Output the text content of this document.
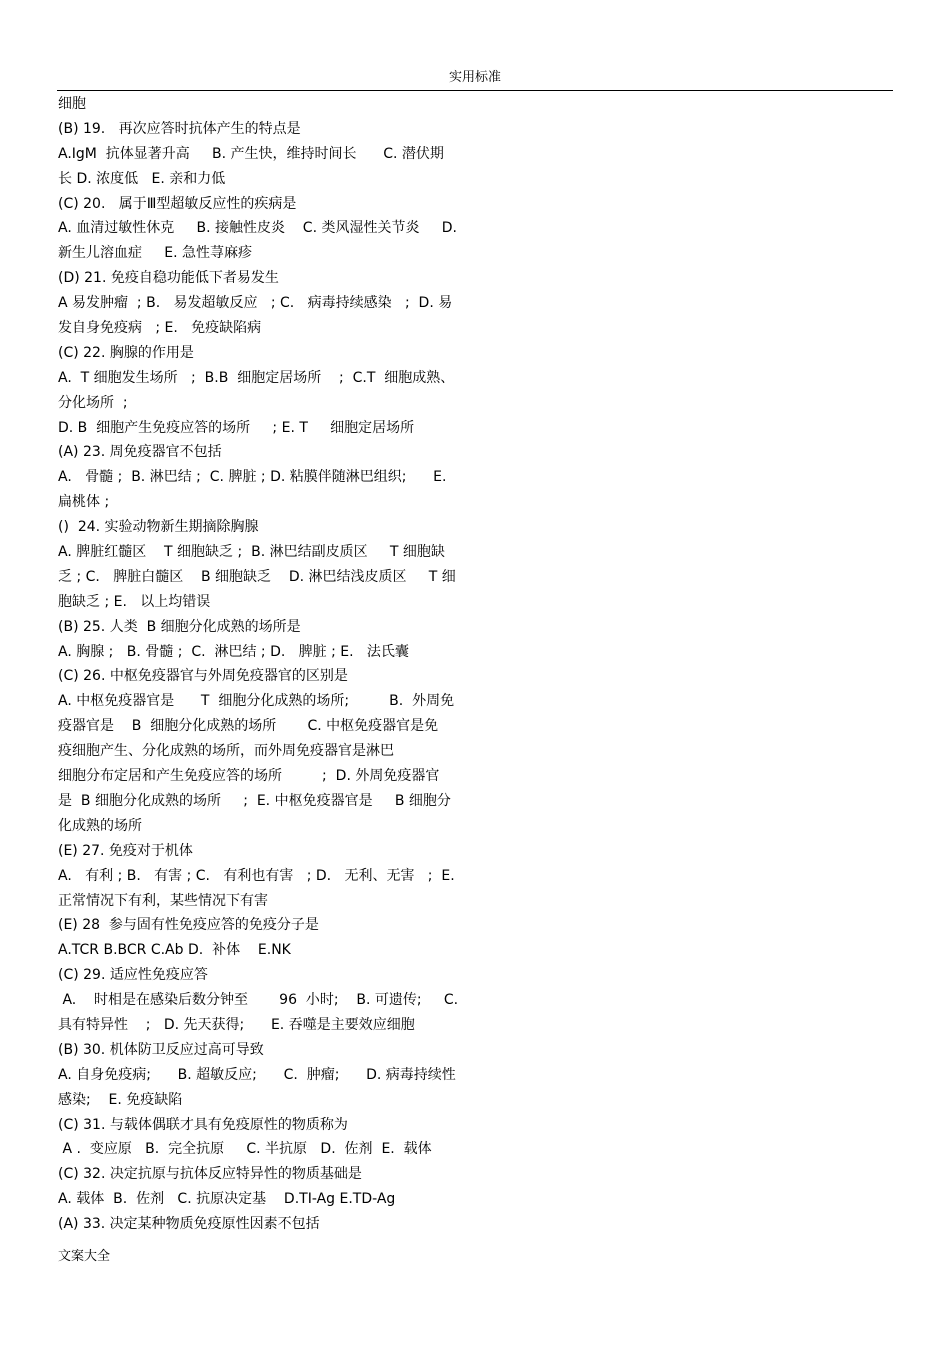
实用标准
细胞
(B) 19.   再次应答时抗体产生的特点是
A.IgM  抗体显著升高     B. 产生快，维持时间长      C. 潜伏期
长 D. 浓度低   E. 亲和力低
(C) 20.   属于Ⅲ型超敏反应性的疾病是
A. 血清过敏性休克     B. 接触性皮炎    C. 类风湿性关节炎     D.
新生儿溶血症     E. 急性荨麻疹
(D) 21. 免疫自稳功能低下者易发生
A 易发肿瘤  ; B.   易发超敏反应   ; C.   病毒持续感染   ;  D. 易
发自身免疫病   ; E.   免疫缺陷病
(C) 22. 胸腺的作用是
A.  T 细胞发生场所   ;  B.B  细胞定居场所    ;  C.T  细胞成熟、
分化场所  ;
D. B  细胞产生免疫应答的场所     ; E. T     细胞定居场所
(A) 23. 周免疫器官不包括
A.   骨髓 ;  B. 淋巴结 ;  C. 脾脏 ; D. 粘膜伴随淋巴组织;      E.
扁桃体 ;
()  24. 实验动物新生期摘除胸腺
A. 脾脏红髓区    T 细胞缺乏 ;  B. 淋巴结副皮质区     T 细胞缺
乏 ; C.   脾脏白髓区    B 细胞缺乏    D. 淋巴结浅皮质区     T 细
胞缺乏 ; E.   以上均错误
(B) 25. 人类  B 细胞分化成熟的场所是
A. 胸腺 ;   B. 骨髓 ;  C.  淋巴结 ; D.   脾脏 ; E.   法氏囊
(C) 26. 中枢免疫器官与外周免疫器官的区别是
A. 中枢免疫器官是      T  细胞分化成熟的场所;         B.  外周免
疫器官是    B  细胞分化成熟的场所       C. 中枢免疫器官是免
疫细胞产生、分化成熟的场所，而外周免疫器官是淋巴
细胞分布定居和产生免疫应答的场所         ;  D. 外周免疫器官
是  B 细胞分化成熟的场所     ;  E. 中枢免疫器官是     B 细胞分
化成熟的场所
(E) 27. 免疫对于机体
A.   有利 ; B.   有害 ; C.   有利也有害   ; D.   无利、无害   ;  E.
正常情况下有利，某些情况下有害
(E) 28  参与固有性免疫应答的免疫分子是
A.TCR B.BCR C.Ab D.  补体    E.NK
(C) 29. 适应性免疫应答
A.    时相是在感染后数分钟至       96  小时;    B. 可遗传;     C.
具有特异性    ;   D. 先天获得;      E. 吞噬是主要效应细胞
(B) 30. 机体防卫反应过高可导致
A. 自身免疫病;      B. 超敏反应;      C.  肿瘤;      D. 病毒持续性
感染;    E. 免疫缺陷
(C) 31. 与载体偶联才具有免疫原性的物质称为
A .  变应原   B.  完全抗原     C. 半抗原   D.  佐剂  E.  载体
(C) 32. 决定抗原与抗体反应特异性的物质基础是
A. 载体  B.  佐剂   C. 抗原决定基    D.TI-Ag E.TD-Ag
(A) 33. 决定某种物质免疫原性因素不包括
文案大全
